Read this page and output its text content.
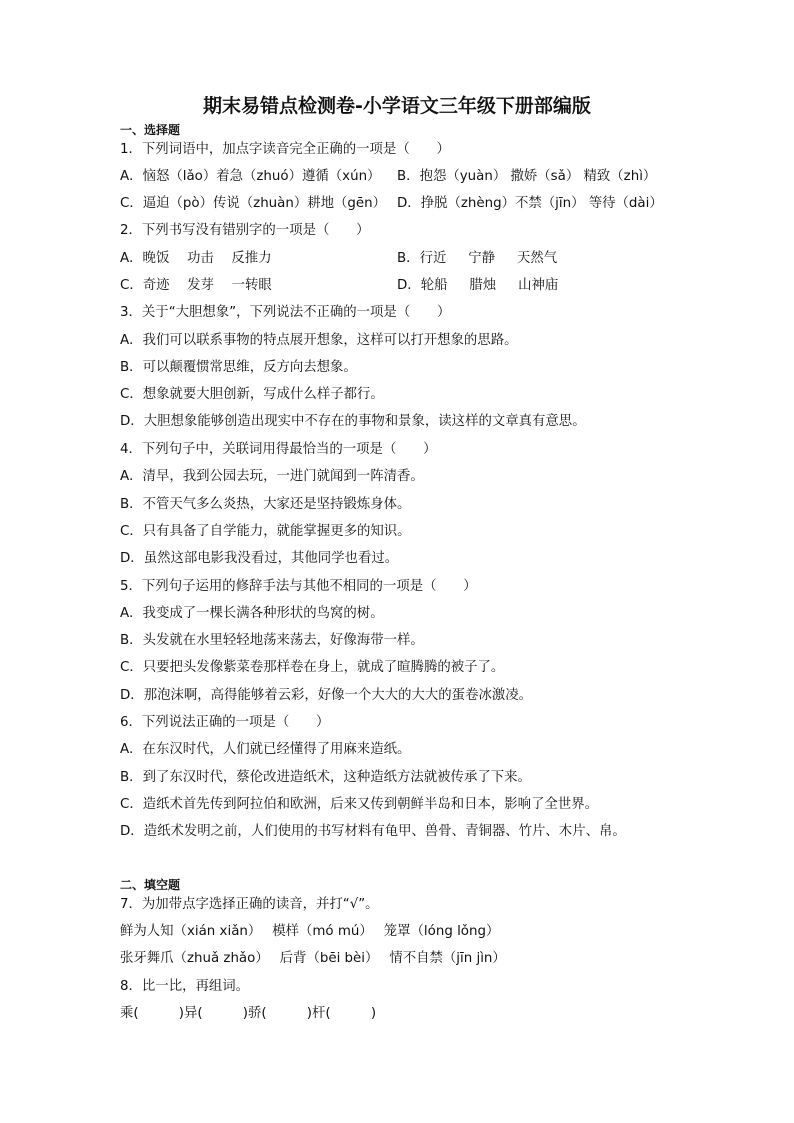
期末易错点检测卷-小学语文三年级下册部编版
一、选择题
1．下列词语中，加点字读音完全正确的一项是（　　）
A．恼怒（lǎo）着急（zhuó）遵循（xún） B．抱怨（yuàn） 撒娇（sǎ） 精致（zhì）
C．逼迫（pò）传说（zhuàn）耕地（gēn） D．挣脱（zhèng）不禁（jīn） 等待（dài）
2．下列书写没有错别字的一项是（　　）
A．晚饭　 功击 　反推力	B．行近 　 宁静 　 天然气
C．奇迹　 发芽 　一转眼	D．轮船 　 腊烛 　 山神庙
3．关于“大胆想象”，下列说法不正确的一项是（　　）
A．我们可以联系事物的特点展开想象，这样可以打开想象的思路。
B．可以颠覆惯常思维，反方向去想象。
C．想象就要大胆创新，写成什么样子都行。
D．大胆想象能够创造出现实中不存在的事物和景象，读这样的文章真有意思。
4．下列句子中，关联词用得最恰当的一项是（　　）
A．清早，我到公园去玩，一进门就闻到一阵清香。
B．不管天气多么炎热，大家还是坚持锻炼身体。
C．只有具备了自学能力，就能掌握更多的知识。
D．虽然这部电影我没看过，其他同学也看过。
5．下列句子运用的修辞手法与其他不相同的一项是（　　）
A．我变成了一棵长满各种形状的鸟窝的树。
B．头发就在水里轻轻地荡来荡去，好像海带一样。
C．只要把头发像紫菜卷那样卷在身上，就成了暄腾腾的被子了。
D．那泡沫啊，高得能够着云彩，好像一个大大的大大的蛋卷冰激凌。
6．下列说法正确的一项是（　　）
A．在东汉时代，人们就已经懂得了用麻来造纸。
B．到了东汉时代，蔡伦改进造纸术，这种造纸方法就被传承了下来。
C．造纸术首先传到阿拉伯和欧洲，后来又传到朝鲜半岛和日本，影响了全世界。
D．造纸术发明之前，人们使用的书写材料有龟甲、兽骨、青铜器、竹片、木片、帛。
二、填空题
7．为加带点字选择正确的读音，并打“√”。
鲜为人知（xián xiǎn）　 模样（mó mú）　 笼罩（lóng lǒng）
张牙舞爪（zhuǎ zhǎo）　 后背（bēi bèi）　 情不自禁（jīn jìn）
8．比一比，再组词。
乘(　　　)异(　　　)骄(　　　)杆(　　　)
